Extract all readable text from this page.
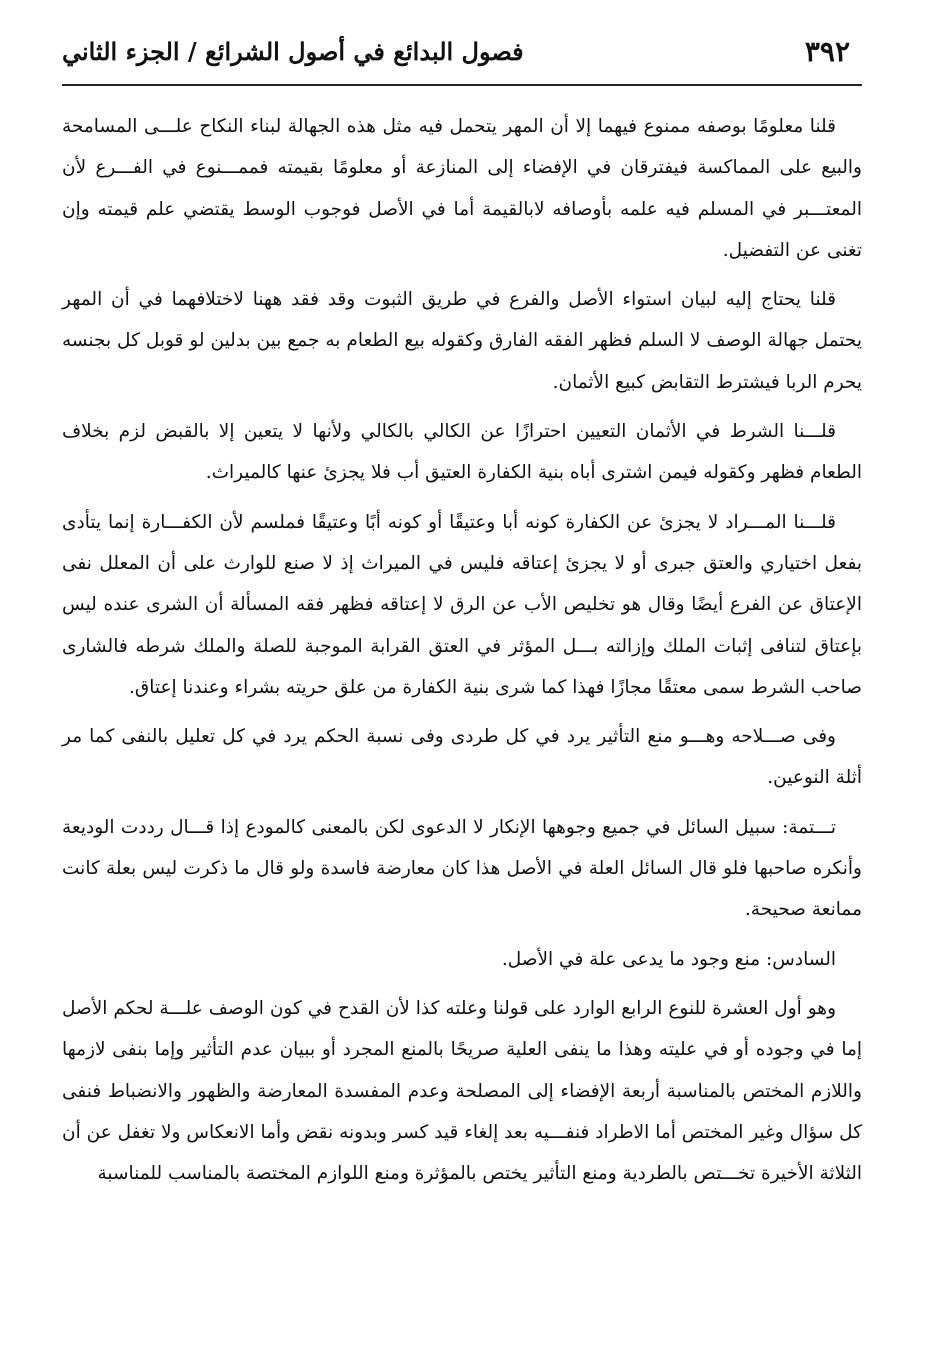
٣٩٢
فصول البدائع في أصول الشرائع / الجزء الثاني

قلنا معلومًا بوصفه ممنوع فيهما إلا أن المهر يتحمل فيه مثل هذه الجهالة لبناء النكاح علـــى المسامحة والبيع على المماكسة فيفترقان في الإفضاء إلى المنازعة أو معلومًا بقيمته فممـــنوع في الفـــرع لأن المعتـــبر في المسلم فيه علمه بأوصافه لابالقيمة أما في الأصل فوجوب الوسط يقتضي علم قيمته وإن تغنى عن التفضيل.

قلنا يحتاج إليه لبيان استواء الأصل والفرع في طريق الثبوت وقد فقد ههنا لاختلافهما في أن المهر يحتمل جهالة الوصف لا السلم فظهر الفقه الفارق وكقوله بيع الطعام به جمع بين بدلين لو قوبل كل بجنسه يحرم الربا فيشترط التقابض كبيع الأثمان.

قلـــنا الشرط في الأثمان التعيين احترازًا عن الكالي بالكالي ولأنها لا يتعين إلا بالقبض لزم بخلاف الطعام فظهر وكقوله فيمن اشترى أباه بنية الكفارة العتيق أب فلا يجزئ عنها كالميراث.

قلـــنا المـــراد لا يجزئ عن الكفارة كونه أبا وعتيقًا أو كونه أبًا وعتيقًا فملسم لأن الكفـــارة إنما يتأدى بفعل اختياري والعتق جبرى أو لا يجزئ إعتاقه فليس في الميراث إذ لا صنع للوارث على أن المعلل نفى الإعتاق عن الفرع أيضًا وقال هو تخليص الأب عن الرق لا إعتاقه فظهر فقه المسألة أن الشرى عنده ليس بإعتاق لتنافى إثبات الملك وإزالته بـــل المؤثر في العتق القرابة الموجبة للصلة والملك شرطه فالشارى صاحب الشرط سمى معتقًا مجازًا فهذا كما شرى بنية الكفارة من علق حريته بشراء وعندنا إعتاق.

وفى صـــلاحه وهـــو منع التأثير يرد في كل طردى وفى نسبة الحكم يرد في كل تعليل بالنفى كما مر أثلة النوعين.

تـــتمة: سبيل السائل في جميع وجوهها الإنكار لا الدعوى لكن بالمعنى كالمودع إذا قـــال رددت الوديعة وأنكره صاحبها فلو قال السائل العلة في الأصل هذا كان معارضة فاسدة ولو قال ما ذكرت ليس بعلة كانت ممانعة صحيحة.

السادس: منع وجود ما يدعى علة في الأصل.

وهو أول العشرة للنوع الرابع الوارد على قولنا وعلته كذا لأن القدح في كون الوصف علـــة لحكم الأصل إما في وجوده أو في عليته وهذا ما ينفى العلية صريحًا بالمنع المجرد أو ببيان عدم التأثير وإما بنفى لازمها واللازم المختص بالمناسبة أربعة الإفضاء إلى المصلحة وعدم المفسدة المعارضة والظهور والانضباط فنفى كل سؤال وغير المختص أما الاطراد فنفـــيه بعد إلغاء قيد كسر وبدونه نقض وأما الانعكاس ولا تغفل عن أن الثلاثة الأخيرة تخـــتص بالطردية ومنع التأثير يختص بالمؤثرة ومنع اللوازم المختصة بالمناسب للمناسبة
